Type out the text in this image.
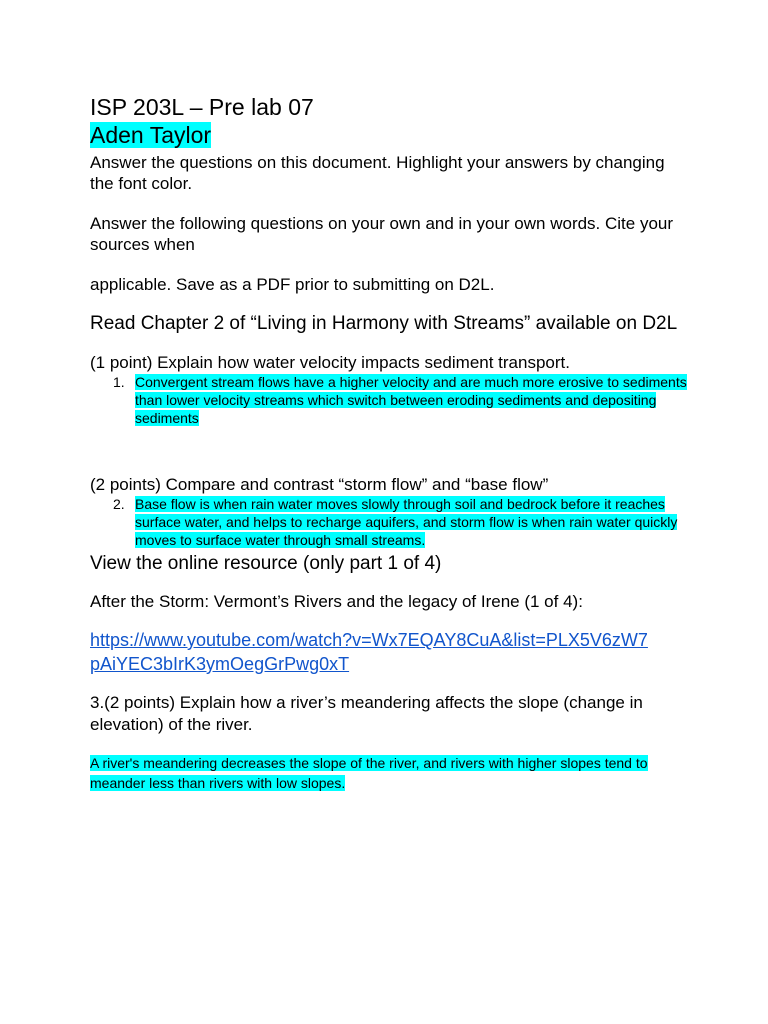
ISP 203L – Pre lab 07

Aden Taylor

Answer the questions on this document. Highlight your answers by changing the font color.

Answer the following questions on your own and in your own words. Cite your sources when

applicable. Save as a PDF prior to submitting on D2L.

Read Chapter 2 of “Living in Harmony with Streams” available on D2L

(1 point) Explain how water velocity impacts sediment transport.

1. Convergent stream flows have a higher velocity and are much more erosive to sediments than lower velocity streams which switch between eroding sediments and depositing sediments

(2 points) Compare and contrast “storm flow” and “base flow”

2. Base flow is when rain water moves slowly through soil and bedrock before it reaches surface water, and helps to recharge aquifers, and storm flow is when rain water quickly moves to surface water through small streams.

View the online resource (only part 1 of 4)

After the Storm: Vermont’s Rivers and the legacy of Irene (1 of 4):

https://www.youtube.com/watch?v=Wx7EQAY8CuA&list=PLX5V6zW7
pAiYEC3bIrK3ymOegGrPwg0xT

3.(2 points) Explain how a river’s meandering affects the slope (change in elevation) of the river.

A river's meandering decreases the slope of the river, and rivers with higher slopes tend to meander less than rivers with low slopes.
